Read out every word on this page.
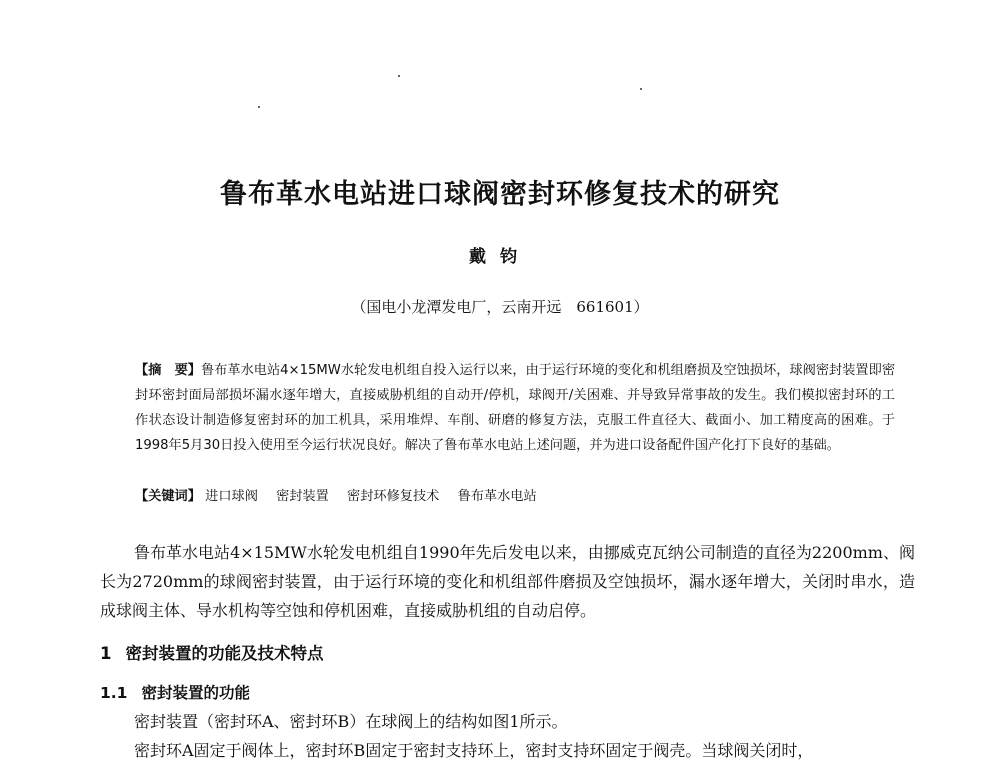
鲁布革水电站进口球阀密封环修复技术的研究
戴钧
（国电小龙潭发电厂，云南开远　661601）

【摘　要】鲁布革水电站4×15MW水轮发电机组自投入运行以来，由于运行环境的变化和机组磨损及空蚀损坏，球阀密封装置即密封环密封面局部损坏漏水逐年增大，直接威胁机组的自动开/停机，球阀开/关困难、并导致异常事故的发生。我们模拟密封环的工作状态设计制造修复密封环的加工机具，采用堆焊、车削、研磨的修复方法，克服工件直径大、截面小、加工精度高的困难。于1998年5月30日投入使用至今运行状况良好。解决了鲁布革水电站上述问题，并为进口设备配件国产化打下良好的基础。

【关键词】 进口球阀 密封装置 密封环修复技术 鲁布革水电站

鲁布革水电站4×15MW水轮发电机组自1990年先后发电以来，由挪威克瓦纳公司制造的直径为2200mm、阀长为2720mm的球阀密封装置，由于运行环境的变化和机组部件磨损及空蚀损坏，漏水逐年增大，关闭时串水，造成球阀主体、导水机构等空蚀和停机困难，直接威胁机组的自动启停。

1 密封装置的功能及技术特点
1.1 密封装置的功能

密封装置（密封环A、密封环B）在球阀上的结构如图1所示。

密封环A固定于阀体上，密封环B固定于密封支持环上，密封支持环固定于阀壳。当球阀关闭时，
